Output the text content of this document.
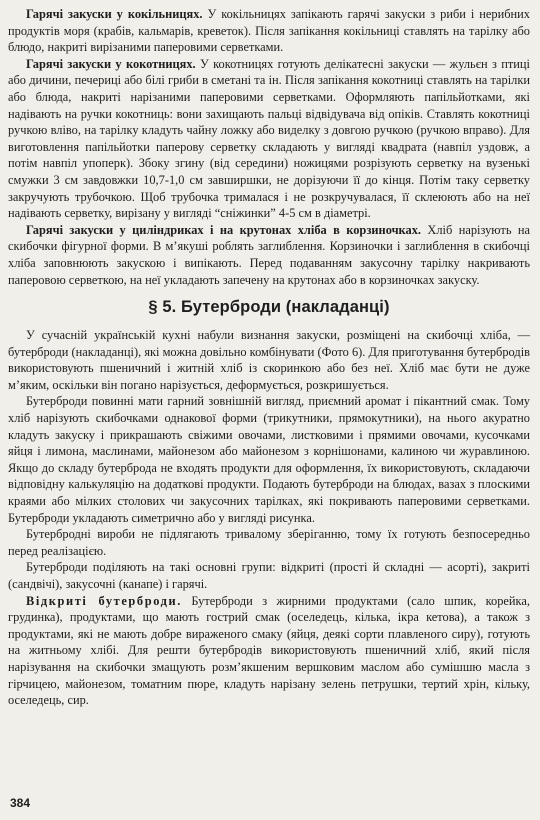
Гарячі закуски у кокільницях. У кокільницях запікають гарячі закуски з риби і нерибних продуктів моря (крабів, кальмарів, креветок). Після запікання кокільниці ставлять на тарілку або блюдо, накриті вирізаними паперовими серветками.

Гарячі закуски у кокотницях. У кокотницях готують делікатесні закуски — жульєн з птиці або дичини, печериці або білі гриби в сметані та ін. Після запікання кокотниці ставлять на тарілки або блюда, накриті нарізаними паперовими серветками. Оформляють папільйотками, які надівають на ручки кокотниць: вони захищають пальці відвідувача від опіків. Ставлять кокотниці ручкою вліво, на тарілку кладуть чайну ложку або виделку з довгою ручкою (ручкою вправо). Для виготовлення папільйотки паперову серветку складають у вигляді квадрата (навпіл уздовж, а потім навпіл упоперк). Збоку згину (від середини) ножицями розрізують серветку на вузенькі смужки 3 см завдовжки 10,7-1,0 см завширшки, не дорізуючи її до кінця. Потім таку серветку закручують трубочкою. Щоб трубочка трималася і не розкручувалася, її склеюють або на неї надівають серветку, вирізану у вигляді “сніжинки” 4-5 см в діаметрі.

Гарячі закуски у циліндриках і на крутонах хліба в корзиночках. Хліб нарізують на скибочки фігурної форми. В м’якуші роблять заглиблення. Корзиночки і заглиблення в скибочці хліба заповнюють закускою і випікають. Перед подаванням закусочну тарілку накривають паперовою серветкою, на неї укладають запечену на крутонах або в корзиночках закуску.

§ 5. Бутерброди (накладанці)

У сучасній українській кухні набули визнання закуски, розміщені на скибочці хліба, — бутерброди (накладанці), які можна довільно комбінувати (Фото 6). Для приготування бутербродів використовують пшеничний і житній хліб із скоринкою або без неї. Хліб має бути не дуже м’яким, оскільки він погано нарізується, деформується, розкришується.

Бутерброди повинні мати гарний зовнішній вигляд, приємний аромат і пікантний смак. Тому хліб нарізують скибочками однакової форми (трикутники, прямокутники), на нього акуратно кладуть закуску і прикрашають свіжими овочами, листковими і прямими овочами, кусочками яйця і лимона, маслинами, майонезом або майонезом з корнішонами, калиною чи журавлиною. Якщо до складу бутерброда не входять продукти для оформлення, їх використовують, складаючи відповідну калькуляцію на додаткові продукти. Подають бутерброди на блюдах, вазах з плоскими краями або мілких столових чи закусочних тарілках, які покривають паперовими серветками. Бутерброди укладають симетрично або у вигляді рисунка.

Бутербродні вироби не підлягають тривалому зберіганню, тому їх готують безпосередньо перед реалізацією.

Бутерброди поділяють на такі основні групи: відкриті (прості й складні — асорті), закриті (сандвічі), закусочні (канапе) і гарячі.

Відкриті бутерброди. Бутерброди з жирними продуктами (сало шпик, корейка, грудинка), продуктами, що мають гострий смак (оселедець, кілька, ікра кетова), а також з продуктами, які не мають добре вираженого смаку (яйця, деякі сорти плавленого сиру), готують на житньому хлібі. Для решти бутербродів використовують пшеничний хліб, який після нарізування на скибочки змащують розм’якшеним вершковим маслом або сумішшю масла з гірчицею, майонезом, томатним пюре, кладуть нарізану зелень петрушки, тертий хрін, кільку, оселедець, сир.

384
